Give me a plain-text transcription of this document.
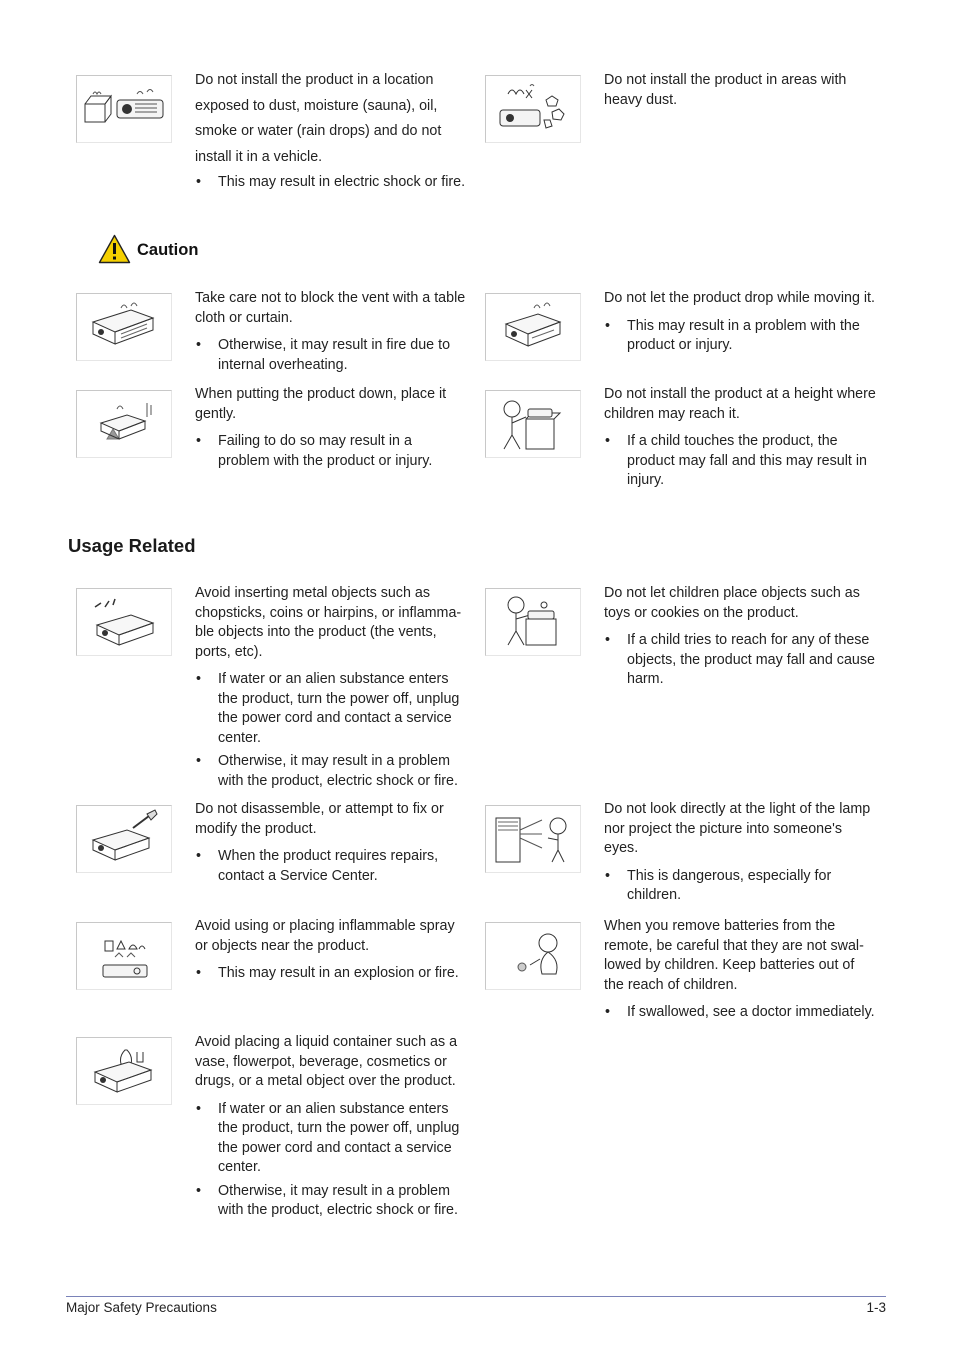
Do not install the product in a location exposed to dust, moisture (sauna), oil, smoke or water (rain drops) and do not install it in a vehicle.

• This may result in electric shock or fire.

Do not install the product in areas with heavy dust.

Caution

Take care not to block the vent with a table cloth or curtain.

• Otherwise, it may result in fire due to internal overheating.

Do not let the product drop while moving it.

• This may result in a problem with the product or injury.

When putting the product down, place it gently.

• Failing to do so may result in a problem with the product or injury.

Do not install the product at a height where children may reach it.

• If a child touches the product, the product may fall and this may result in injury.
Usage Related

Avoid inserting metal objects such as chopsticks, coins or hairpins, or inflamma-ble objects into the product (the vents, ports, etc).

• If water or an alien substance enters the product, turn the power off, unplug the power cord and contact a service center.
• Otherwise, it may result in a problem with the product, electric shock or fire.

Do not let children place objects such as toys or cookies on the product.

• If a child tries to reach for any of these objects, the product may fall and cause harm.

Do not disassemble, or attempt to fix or modify the product.

• When the product requires repairs, contact a Service Center.

Do not look directly at the light of the lamp nor project the picture into someone's eyes.

• This is dangerous, especially for children.

Avoid using or placing inflammable spray or objects near the product.

• This may result in an explosion or fire.

When you remove batteries from the remote, be careful that they are not swal-lowed by children. Keep batteries out of the reach of children.

• If swallowed, see a doctor immediately.

Avoid placing a liquid container such as a vase, flowerpot, beverage, cosmetics or drugs, or a metal object over the product.

• If water or an alien substance enters the product, turn the power off, unplug the power cord and contact a service center.
• Otherwise, it may result in a problem with the product, electric shock or fire.
Major Safety Precautions	1-3
